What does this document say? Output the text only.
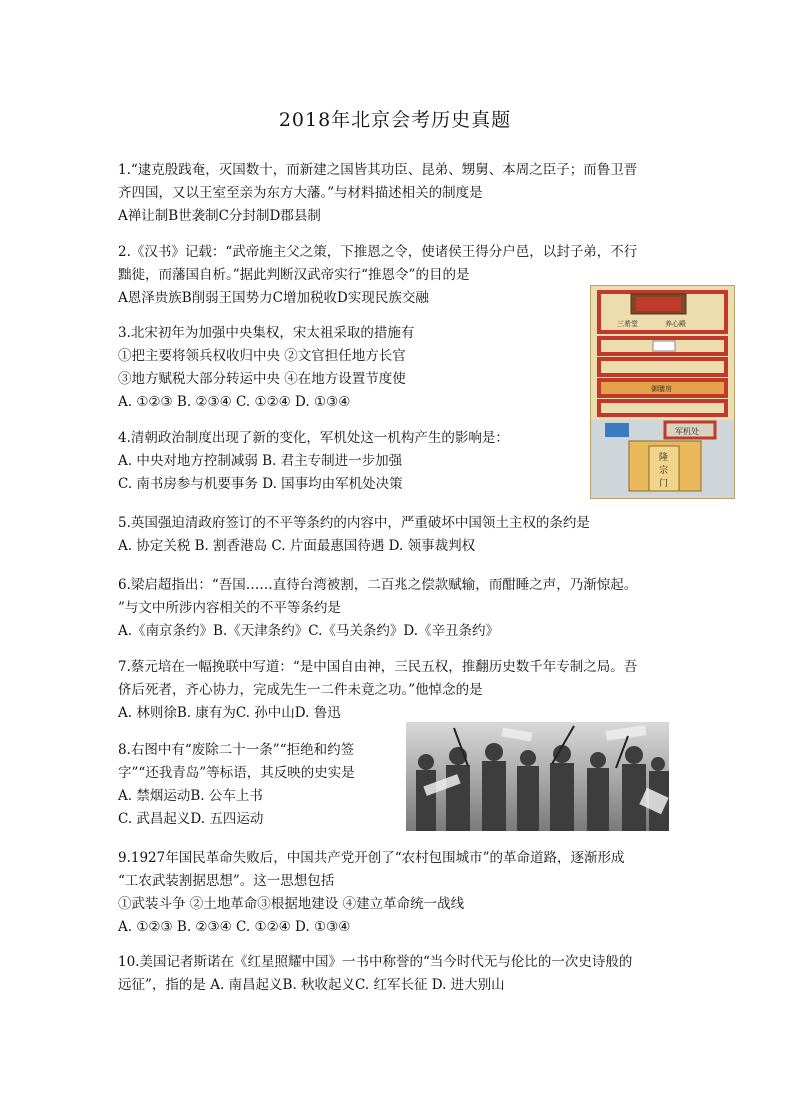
2018年北京会考历史真题
1.“逮克殷践奄，灭国数十，而新建之国皆其功臣、昆弟、甥舅、本周之臣子；而鲁卫晋
齐四国，又以王室至亲为东方大藩。”与材料描述相关的制度是
A禅让制B世袭制C分封制D郡县制
2.《汉书》记载：“武帝施主父之策，下推恩之令，使诸侯王得分户邑，以封子弟，不行
黜徙，而藩国自析。”据此判断汉武帝实行“推恩令”的目的是
A恩泽贵族B削弱王国势力C增加税收D实现民族交融
3.北宋初年为加强中央集权，宋太祖采取的措施有
①把主要将领兵权收归中央 ②文官担任地方长官
③地方赋税大部分转运中央 ④在地方设置节度使
A. ①②③ B. ②③④ C. ①②④ D. ①③④
4.清朝政治制度出现了新的变化，军机处这一机构产生的影响是：
A. 中央对地方控制减弱 B. 君主专制进一步加强
C. 南书房参与机要事务 D. 国事均由军机处决策
三希堂	养心殿
御膳房
军机处
隆
宗
门
5.英国强迫清政府签订的不平等条约的内容中，严重破坏中国领土主权的条约是
A. 协定关税 B. 割香港岛 C. 片面最惠国待遇 D. 领事裁判权
6.梁启超指出：“吾国……直待台湾被割，二百兆之偿款赋输，而酣睡之声，乃渐惊起。
”与文中所涉内容相关的不平等条约是
A.《南京条约》B.《天津条约》C.《马关条约》D.《辛丑条约》
7.蔡元培在一幅挽联中写道：“是中国自由神，三民五权，推翻历史数千年专制之局。吾
侪后死者，齐心协力，完成先生一二件未竟之功。”他悼念的是
A. 林则徐B. 康有为C. 孙中山D. 鲁迅
8.右图中有“废除二十一条”“拒绝和约签
字”“还我青岛”等标语，其反映的史实是
A. 禁烟运动B. 公车上书
C. 武昌起义D. 五四运动
9.1927年国民革命失败后，中国共产党开创了“农村包围城市”的革命道路，逐渐形成
“工农武装割据思想”。这一思想包括
①武装斗争 ②土地革命③根据地建设 ④建立革命统一战线
A. ①②③ B. ②③④ C. ①②④ D. ①③④
10.美国记者斯诺在《红星照耀中国》一书中称誉的“当今时代无与伦比的一次史诗般的
远征”，指的是 A. 南昌起义B. 秋收起义C. 红军长征 D. 进大别山
